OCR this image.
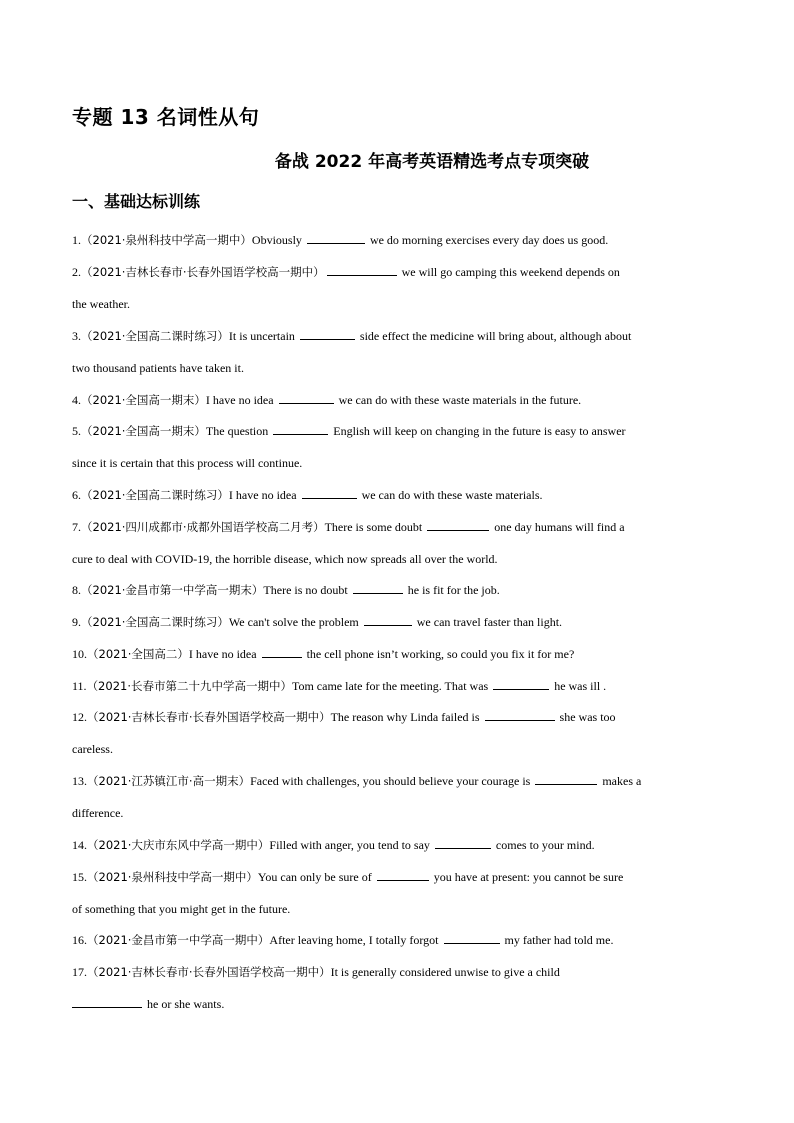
专题 13 名词性从句
备战 2022 年高考英语精选考点专项突破
一、基础达标训练
1.（2021·泉州科技中学高一期中）Obviously	we do morning exercises every day does us good.
2.（2021·吉林长春市·长春外国语学校高一期中）	we will go camping this weekend depends on
the weather.
3.（2021·全国高二课时练习）It is uncertain	side effect the medicine will bring about, although about
two thousand patients have taken it.
4.（2021·全国高一期末）I have no idea	we can do with these waste materials in the future.
5.（2021·全国高一期末）The question	English will keep on changing in the future is easy to answer
since it is certain that this process will continue.
6.（2021·全国高二课时练习）I have no idea	we can do with these waste materials.
7.（2021·四川成都市·成都外国语学校高二月考）There is some doubt	one day humans will find a
cure to deal with COVID-19, the horrible disease, which now spreads all over the world.
8.（2021·金昌市第一中学高一期末）There is no doubt	he is fit for the job.
9.（2021·全国高二课时练习）We can't solve the problem	we can travel faster than light.
10.（2021·全国高二）I have no idea	the cell phone isn’t working, so could you fix it for me?
11.（2021·长春市第二十九中学高一期中）Tom came late for the meeting. That was	he was ill .
12.（2021·吉林长春市·长春外国语学校高一期中）The reason why Linda failed is	she was too
careless.
13.（2021·江苏镇江市·高一期末）Faced with challenges, you should believe your courage is	makes a
difference.
14.（2021·大庆市东风中学高一期中）Filled with anger, you tend to say	comes to your mind.
15.（2021·泉州科技中学高一期中）You can only be sure of	you have at present: you cannot be sure
of something that you might get in the future.
16.（2021·金昌市第一中学高一期中）After leaving home, I totally forgot	my father had told me.
17.（2021·吉林长春市·长春外国语学校高一期中）It is generally considered unwise to give a child
he or she wants.
